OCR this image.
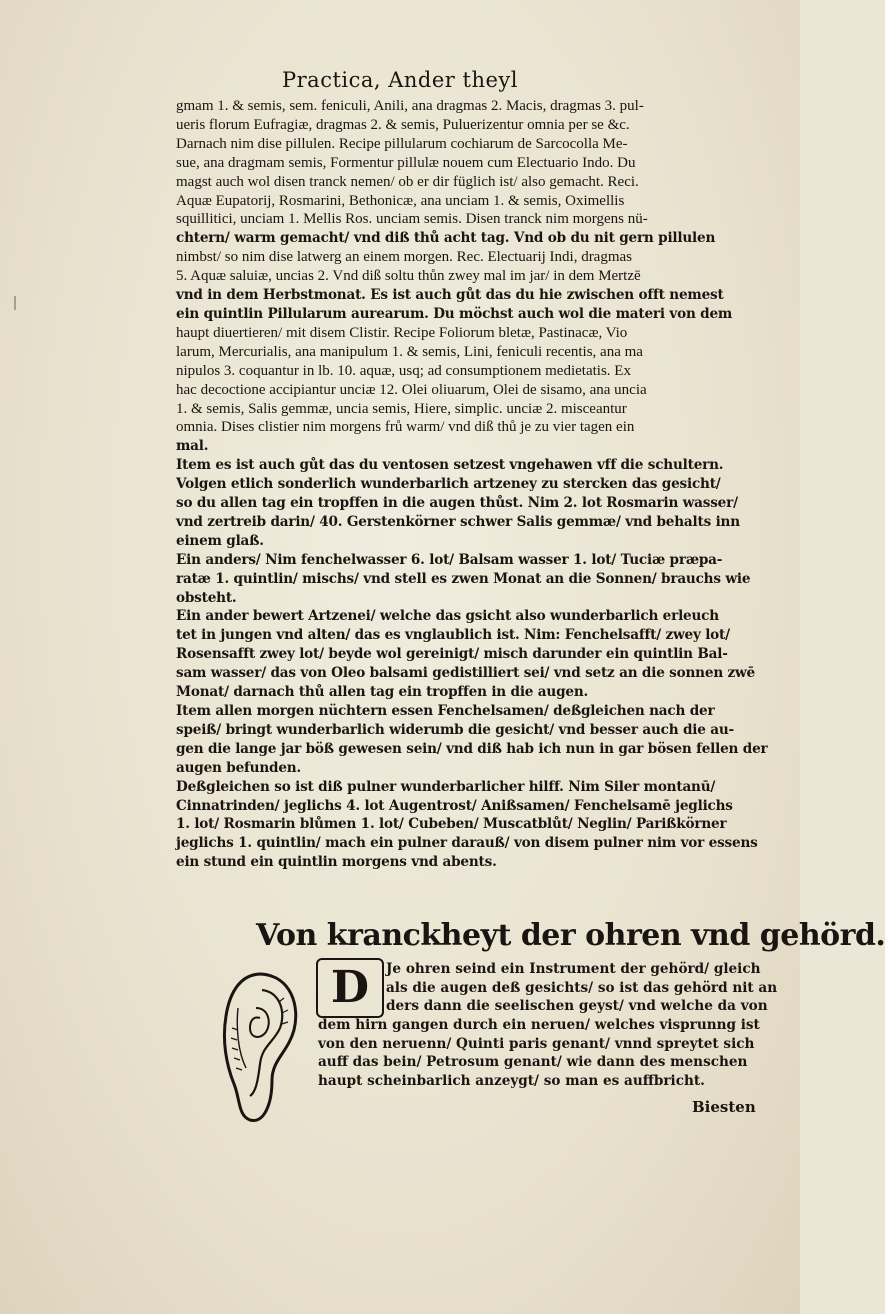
Practica, Ander theyl
gmam 1. & semis, sem. feniculi, Anili, ana dragmas 2. Macis, dragmas 3. pul-
ueris florum Eufragiæ, dragmas 2. & semis, Puluerizentur omnia per se &c.
Darnach nim dise pillulen. Recipe pillularum cochiarum de Sarcocolla Me-
sue, ana dragmam semis, Formentur pillulæ nouem cum Electuario Indo. Du
magst auch wol disen tranck nemen/ ob er dir füglich ist/ also gemacht. Reci.
Aquæ Eupatorij, Rosmarini, Bethonicæ, ana unciam 1. & semis, Oximellis
squillitici, unciam 1. Mellis Ros. unciam semis. Disen tranck nim morgens nü-
chtern/ warm gemacht/ vnd diß thů acht tag. Vnd ob du nit gern pillulen
nimbst/ so nim dise latwerg an einem morgen. Rec. Electuarij Indi, dragmas
5. Aquæ saluiæ, uncias 2. Vnd diß soltu thůn zwey mal im jar/ in dem Mertzē
vnd in dem Herbstmonat. Es ist auch gůt das du hie zwischen offt nemest
ein quintlin Pillularum aurearum. Du möchst auch wol die materi von dem
haupt diuertieren/ mit disem Clistir. Recipe Foliorum bletæ, Pastinacæ, Vio
larum, Mercurialis, ana manipulum 1. & semis, Lini, feniculi recentis, ana ma
nipulos 3. coquantur in lb. 10. aquæ, usq; ad consumptionem medietatis. Ex
hac decoctione accipiantur unciæ 12. Olei oliuarum, Olei de sisamo, ana uncia
1. & semis, Salis gemmæ, uncia semis, Hiere, simplic. unciæ 2. misceantur
omnia. Dises clistier nim morgens frů warm/ vnd diß thů je zu vier tagen ein
mal.
Item es ist auch gůt das du ventosen setzest vngehawen vff die schultern.
Volgen etlich sonderlich wunderbarlich artzeney zu stercken das gesicht/
so du allen tag ein tropffen in die augen thůst. Nim 2. lot Rosmarin wasser/
vnd zertreib darin/ 40. Gerstenkörner schwer Salis gemmæ/ vnd behalts inn
einem glaß.
Ein anders/ Nim fenchelwasser 6. lot/ Balsam wasser 1. lot/ Tuciæ præpa-
ratæ 1. quintlin/ mischs/ vnd stell es zwen Monat an die Sonnen/ brauchs wie
obsteht.
Ein ander bewert Artzenei/ welche das gsicht also wunderbarlich erleuch
tet in jungen vnd alten/ das es vnglaublich ist. Nim: Fenchelsafft/ zwey lot/
Rosensafft zwey lot/ beyde wol gereinigt/ misch darunder ein quintlin Bal-
sam wasser/ das von Oleo balsami gedistilliert sei/ vnd setz an die sonnen zwē
Monat/ darnach thů allen tag ein tropffen in die augen.
Item allen morgen nüchtern essen Fenchelsamen/ deßgleichen nach der
speiß/ bringt wunderbarlich widerumb die gesicht/ vnd besser auch die au-
gen die lange jar böß gewesen sein/ vnd diß hab ich nun in gar bösen fellen der
augen befunden.
Deßgleichen so ist diß pulner wunderbarlicher hilff. Nim Siler montanū/
Cinnatrinden/ jeglichs 4. lot Augentrost/ Anißsamen/ Fenchelsamē jeglichs
1. lot/ Rosmarin blůmen 1. lot/ Cubeben/ Muscatblůt/ Neglin/ Parißkörner
jeglichs 1. quintlin/ mach ein pulner darauß/ von disem pulner nim vor essens
ein stund ein quintlin morgens vnd abents.
Von kranckheyt der ohren vnd gehörd.
D	Je ohren seind ein Instrument der gehörd/ gleich
als die augen deß gesichts/ so ist das gehörd nit an
ders dann die seelischen geyst/ vnd welche da von
dem hirn gangen durch ein neruen/ welches visprunng ist
von den neruenn/ Quinti paris genant/ vnnd spreytet sich
auff das bein/ Petrosum genant/ wie dann des menschen
haupt scheinbarlich anzeygt/ so man es auffbricht.
Biesten
